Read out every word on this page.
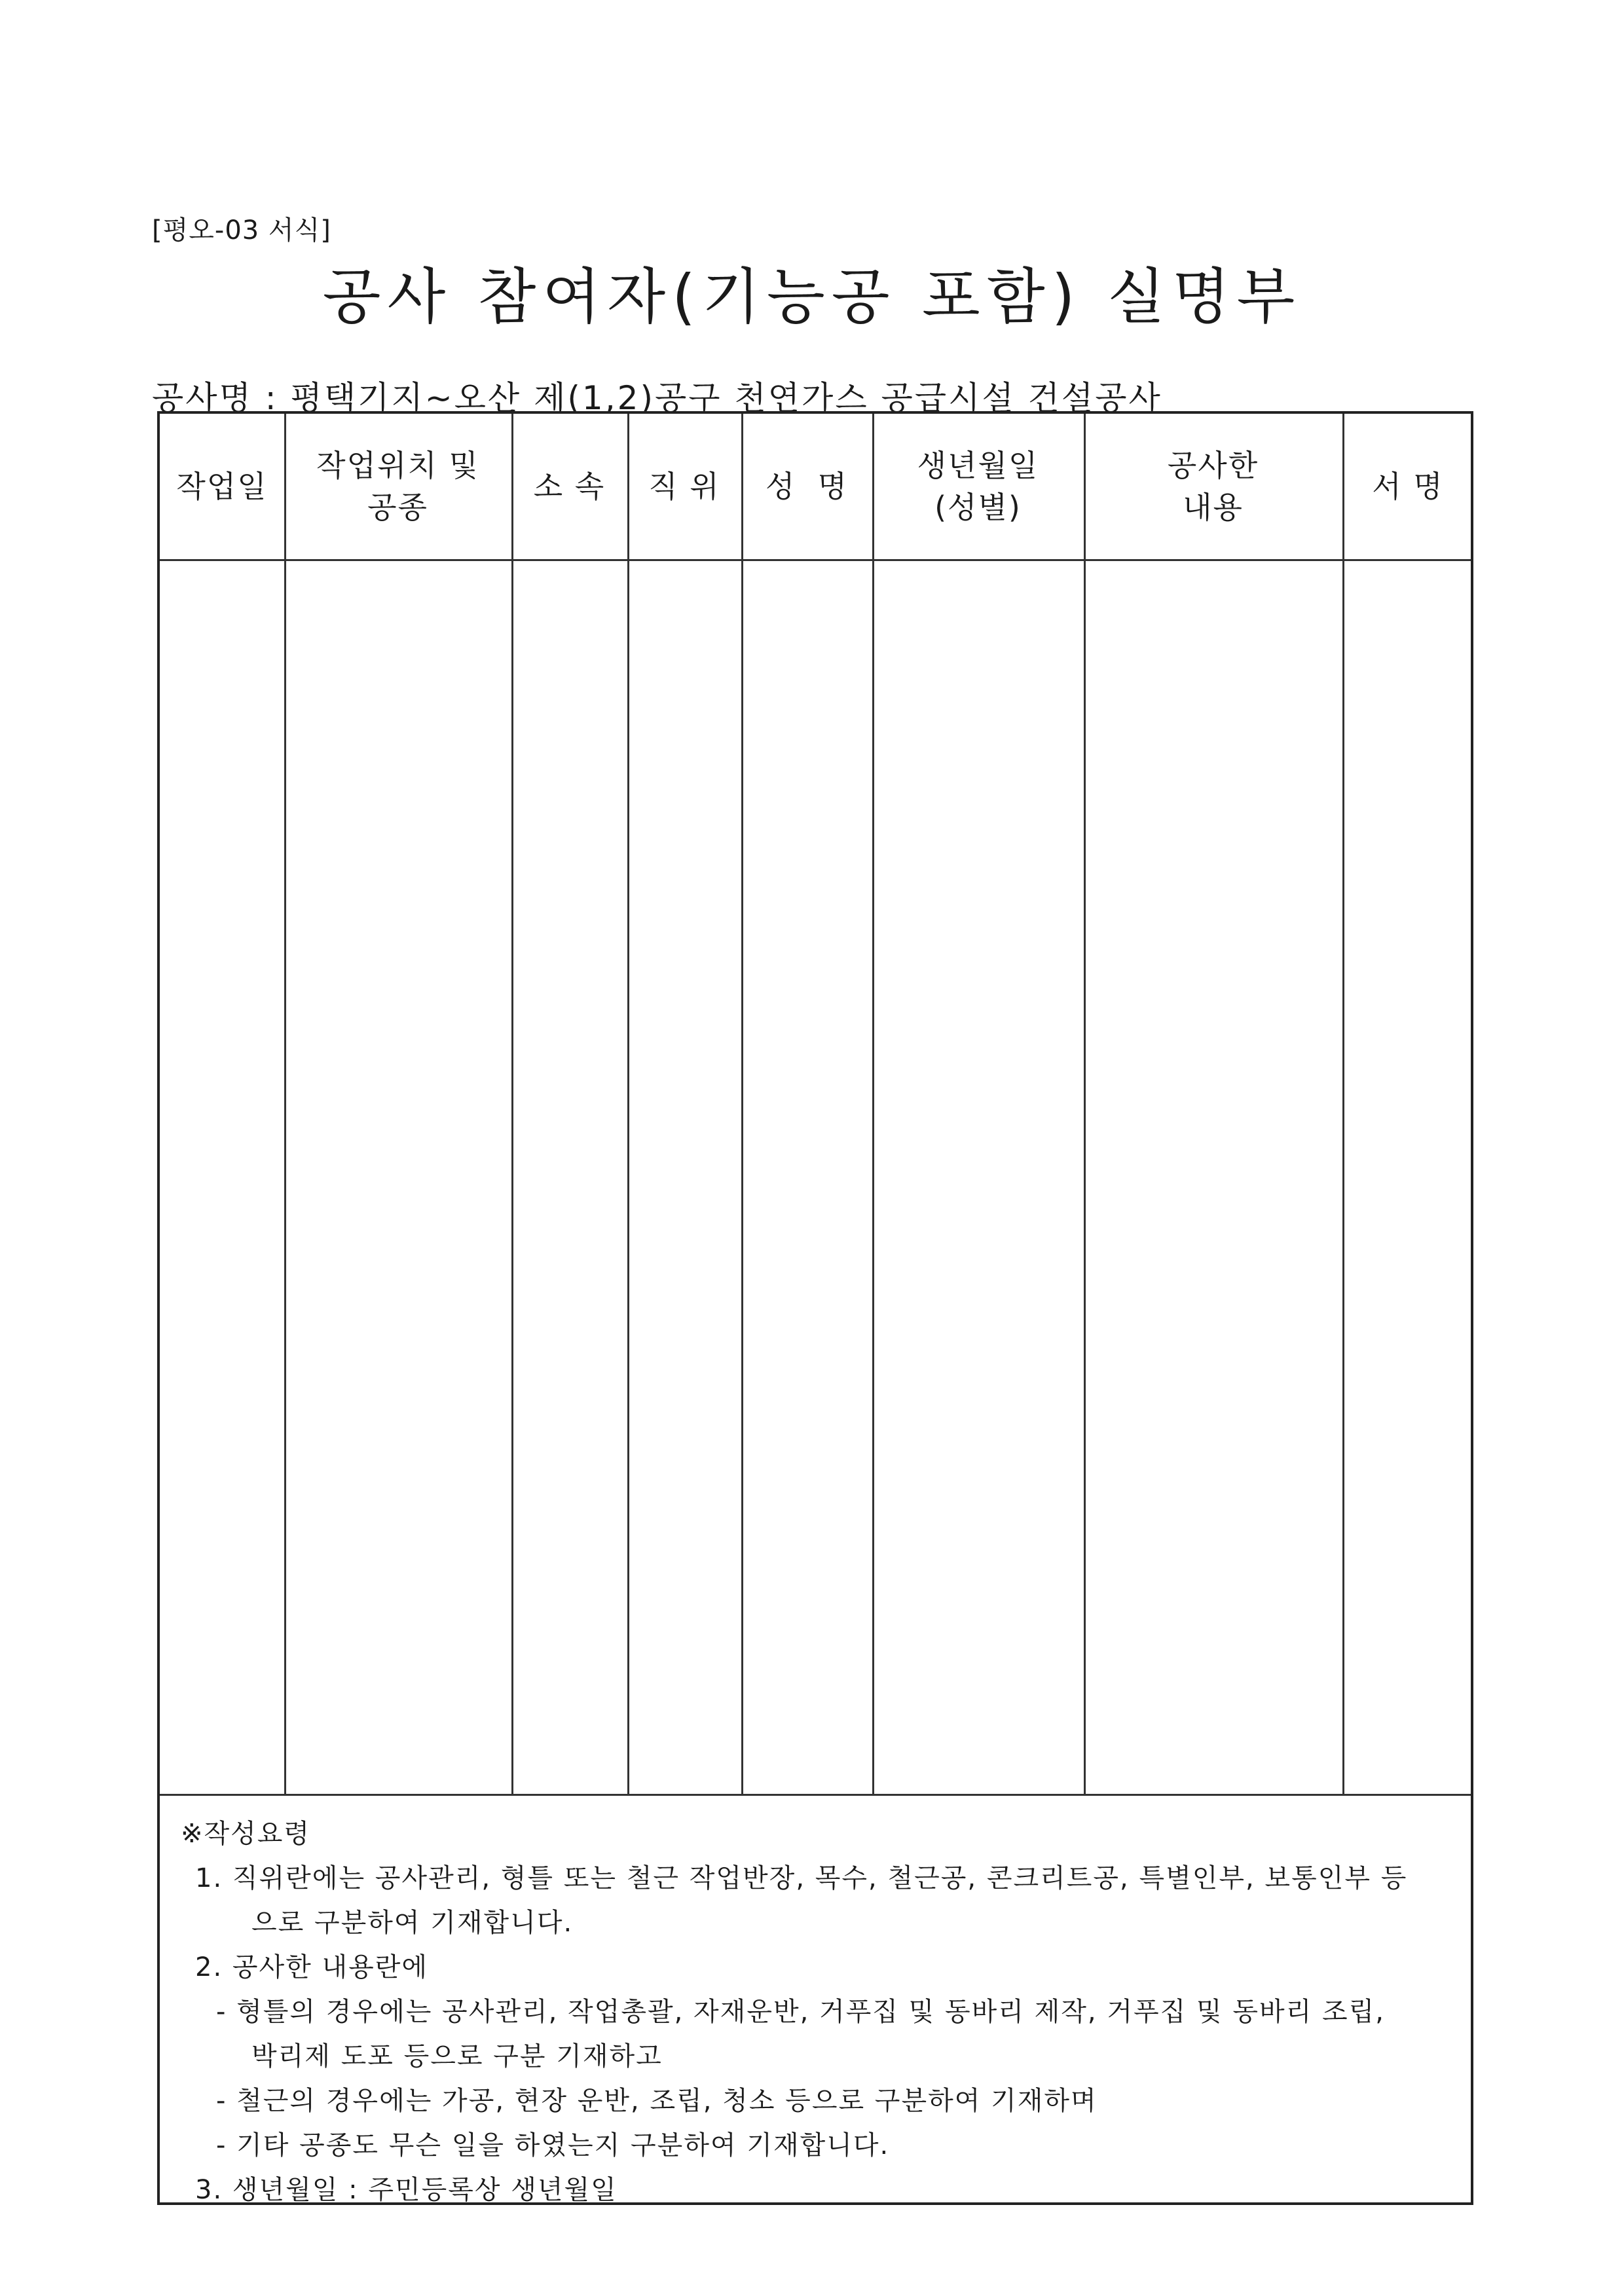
[평오-03 서식]
공사 참여자(기능공 포함) 실명부
공사명 : 평택기지~오산 제(1,2)공구 천연가스 공급시설 건설공사
작업일
작업위치 및
공종
소 속 직 위 성  명
생년월일
(성별)
공사한
내용
서 명
※작성요령
1. 직위란에는 공사관리, 형틀 또는 철근 작업반장, 목수, 철근공, 콘크리트공, 특별인부, 보통인부 등
으로 구분하여 기재합니다.
2. 공사한 내용란에
- 형틀의 경우에는 공사관리, 작업총괄, 자재운반, 거푸집 및 동바리 제작, 거푸집 및 동바리 조립,
박리제 도포 등으로 구분 기재하고
- 철근의 경우에는 가공, 현장 운반, 조립, 청소 등으로 구분하여 기재하며
- 기타 공종도 무슨 일을 하였는지 구분하여 기재합니다.
3. 생년월일 : 주민등록상 생년월일
